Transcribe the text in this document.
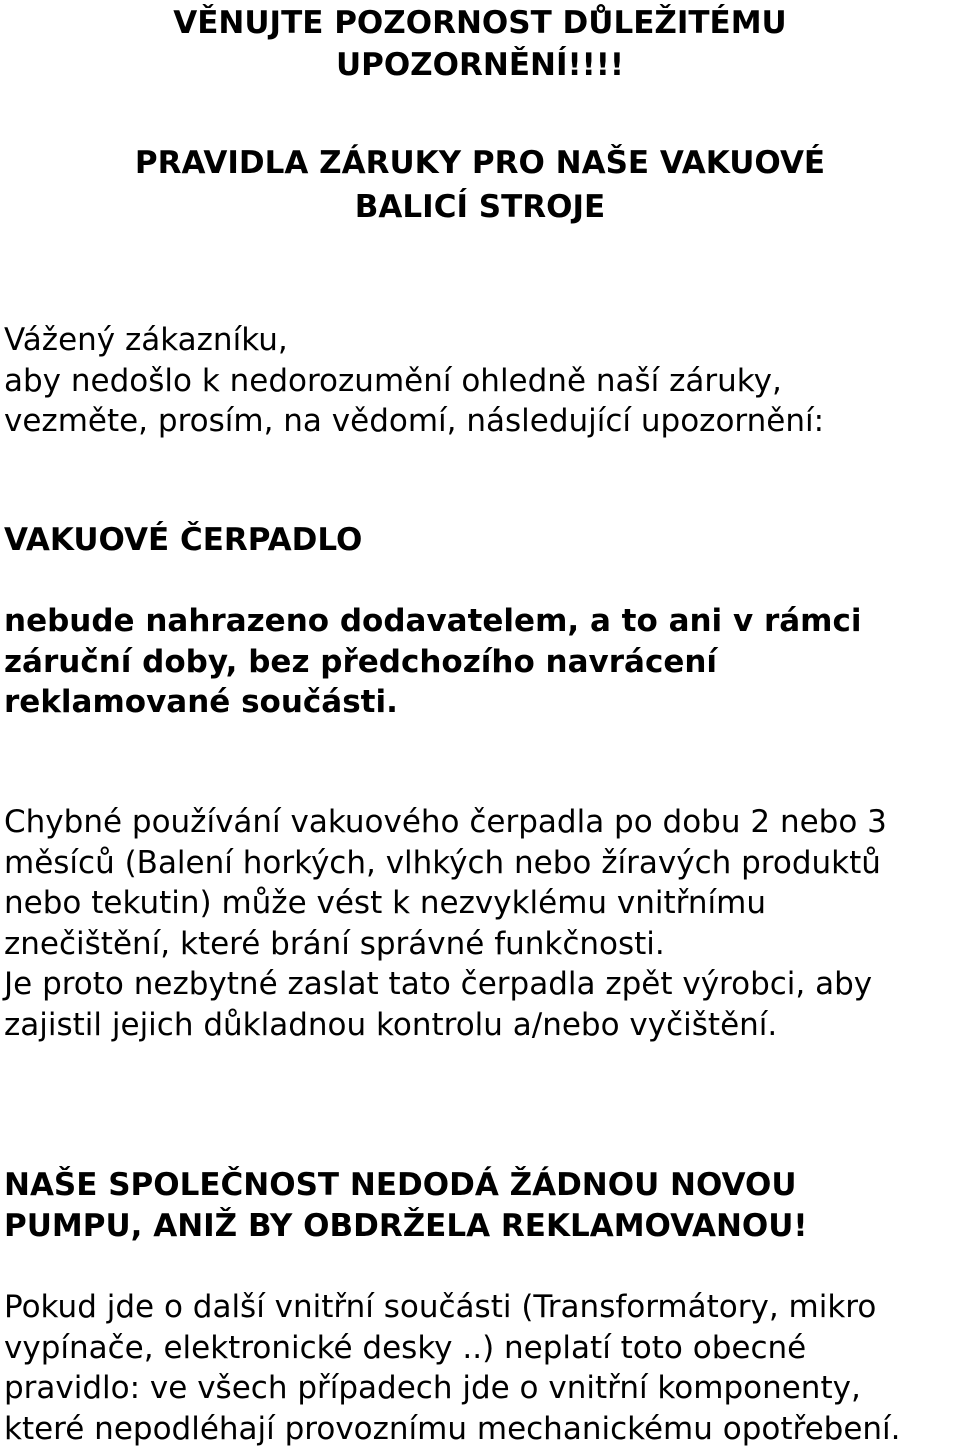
VĚNUJTE POZORNOST DŮLEŽITÉMU
UPOZORNĚNÍ!!!!
PRAVIDLA ZÁRUKY PRO NAŠE VAKUOVÉ
BALICÍ STROJE
Vážený zákazníku,
aby nedošlo k nedorozumění ohledně naší záruky,
vezměte, prosím, na vědomí, následující upozornění:
VAKUOVÉ ČERPADLO
nebude nahrazeno dodavatelem, a to ani v rámci
záruční doby, bez předchozího navrácení
reklamované součásti.
Chybné používání vakuového čerpadla po dobu 2 nebo 3
měsíců (Balení horkých, vlhkých nebo žíravých produktů
nebo tekutin) může vést k nezvyklému vnitřnímu
znečištění, které brání správné funkčnosti.
Je proto nezbytné zaslat tato čerpadla zpět výrobci, aby
zajistil jejich důkladnou kontrolu a/nebo vyčištění.
NAŠE SPOLEČNOST NEDODÁ ŽÁDNOU NOVOU
PUMPU, ANIŽ BY OBDRŽELA REKLAMOVANOU!
Pokud jde o další vnitřní součásti (Transformátory, mikro
vypínače, elektronické desky ..) neplatí toto obecné
pravidlo: ve všech případech jde o vnitřní komponenty,
které nepodléhají provoznímu mechanickému opotřebení.
